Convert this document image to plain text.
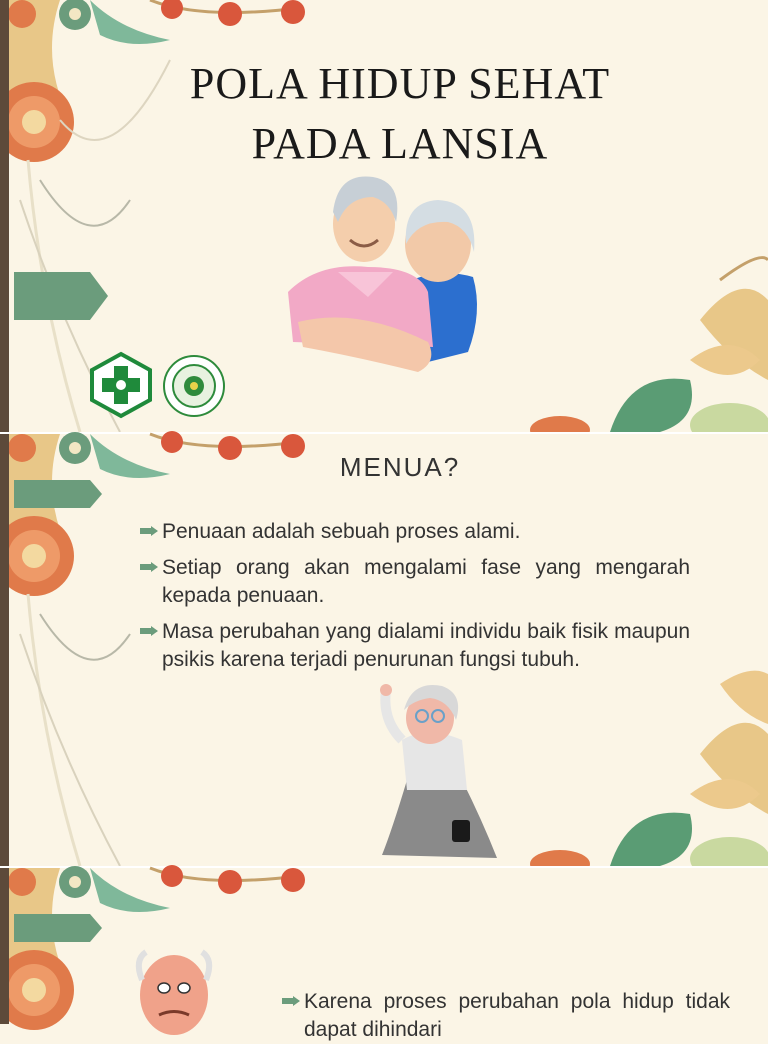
POLA HIDUP SEHAT
PADA LANSIA
MENUA?
Penuaan adalah sebuah proses alami.
Setiap orang akan mengalami fase yang mengarah kepada penuaan.
Masa perubahan yang dialami individu baik fisik maupun psikis karena terjadi penurunan fungsi tubuh.
Karena proses perubahan pola hidup tidak dapat dihindari
